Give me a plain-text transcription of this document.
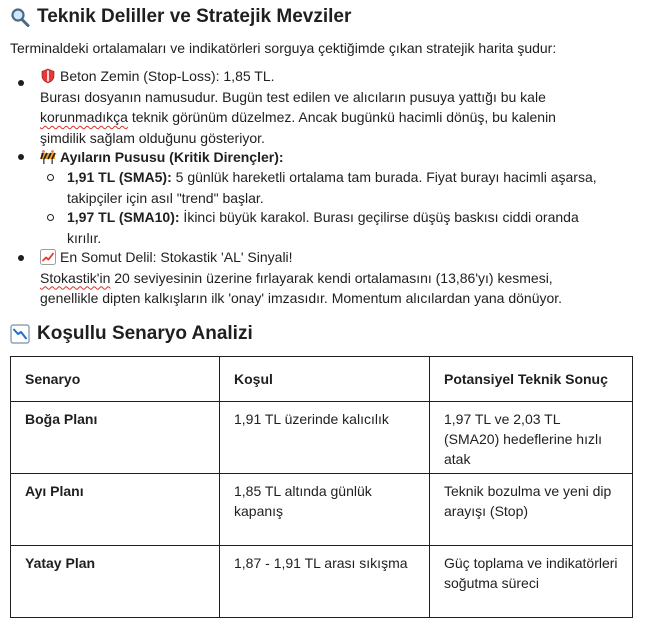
Teknik Deliller ve Stratejik Mevziler
Terminaldeki ortalamaları ve indikatörleri sorguya çektiğimde çıkan stratejik harita şudur:
Beton Zemin (Stop-Loss): 1,85 TL.
Burası dosyanın namusudur. Bugün test edilen ve alıcıların pusuya yattığı bu kale
korunmadıkça teknik görünüm düzelmez. Ancak bugünkü hacimli dönüş, bu kalenin
şimdilik sağlam olduğunu gösteriyor.
Ayıların Pususu (Kritik Dirençler):
1,91 TL (SMA5): 5 günlük hareketli ortalama tam burada. Fiyat burayı hacimli aşarsa,
takipçiler için asıl "trend" başlar.
1,97 TL (SMA10): İkinci büyük karakol. Burası geçilirse düşüş baskısı ciddi oranda
kırılır.
En Somut Delil: Stokastik 'AL' Sinyali!
Stokastik'in 20 seviyesinin üzerine fırlayarak kendi ortalamasını (13,86'yı) kesmesi,
genellikle dipten kalkışların ilk 'onay' imzasıdır. Momentum alıcılardan yana dönüyor.
Koşullu Senaryo Analizi
Senaryo	Koşul	Potansiyel Teknik Sonuç
Boğa Planı	1,91 TL üzerinde kalıcılık	1,97 TL ve 2,03 TL (SMA20) hedeflerine hızlı atak
Ayı Planı	1,85 TL altında günlük kapanış	Teknik bozulma ve yeni dip arayışı (Stop)
Yatay Plan	1,87 - 1,91 TL arası sıkışma	Güç toplama ve indikatörleri soğutma süreci
